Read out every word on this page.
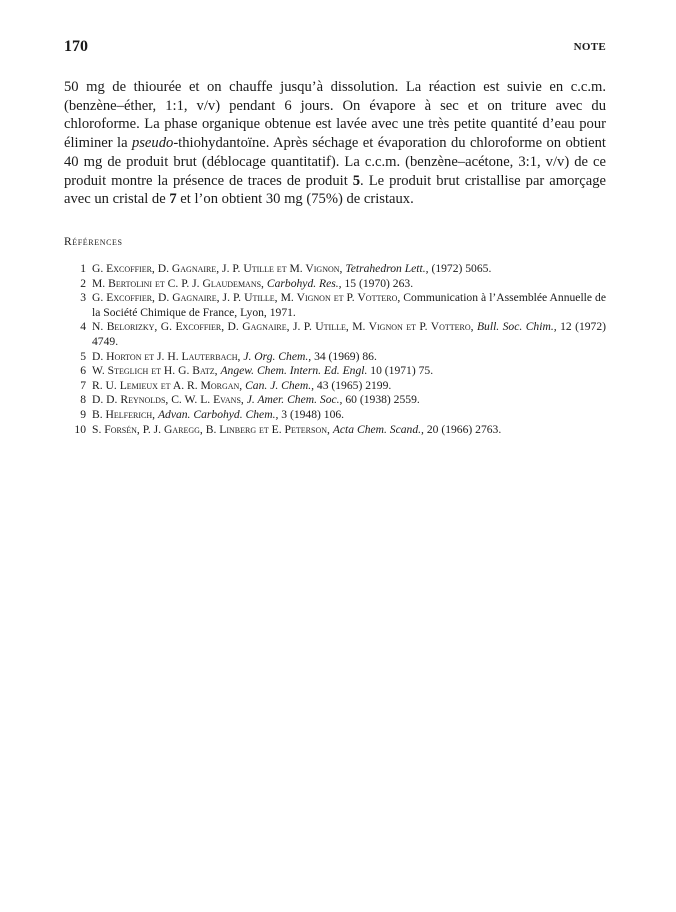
170	NOTE

50 mg de thiourée et on chauffe jusqu’à dissolution. La réaction est suivie en c.c.m. (benzène–éther, 1:1, v/v) pendant 6 jours. On évapore à sec et on triture avec du chloroforme. La phase organique obtenue est lavée avec une très petite quantité d’eau pour éliminer la pseudo-thiohydantoïne. Après séchage et évaporation du chloroforme on obtient 40 mg de produit brut (déblocage quantitatif). La c.c.m. (benzène–acétone, 3:1, v/v) de ce produit montre la présence de traces de produit 5. Le produit brut cristallise par amorçage avec un cristal de 7 et l’on obtient 30 mg (75%) de cristaux.

Références
1 G. Excoffier, D. Gagnaire, J. P. Utille et M. Vignon, Tetrahedron Lett., (1972) 5065.
2 M. Bertolini et C. P. J. Glaudemans, Carbohyd. Res., 15 (1970) 263.
3 G. Excoffier, D. Gagnaire, J. P. Utille, M. Vignon et P. Vottero, Communication à l’Assemblée Annuelle de la Société Chimique de France, Lyon, 1971.
4 N. Belorizky, G. Excoffier, D. Gagnaire, J. P. Utille, M. Vignon et P. Vottero, Bull. Soc. Chim., 12 (1972) 4749.
5 D. Horton et J. H. Lauterbach, J. Org. Chem., 34 (1969) 86.
6 W. Steglich et H. G. Batz, Angew. Chem. Intern. Ed. Engl. 10 (1971) 75.
7 R. U. Lemieux et A. R. Morgan, Can. J. Chem., 43 (1965) 2199.
8 D. D. Reynolds, C. W. L. Evans, J. Amer. Chem. Soc., 60 (1938) 2559.
9 B. Helferich, Advan. Carbohyd. Chem., 3 (1948) 106.
10 S. Forsén, P. J. Garegg, B. Linberg et E. Peterson, Acta Chem. Scand., 20 (1966) 2763.
